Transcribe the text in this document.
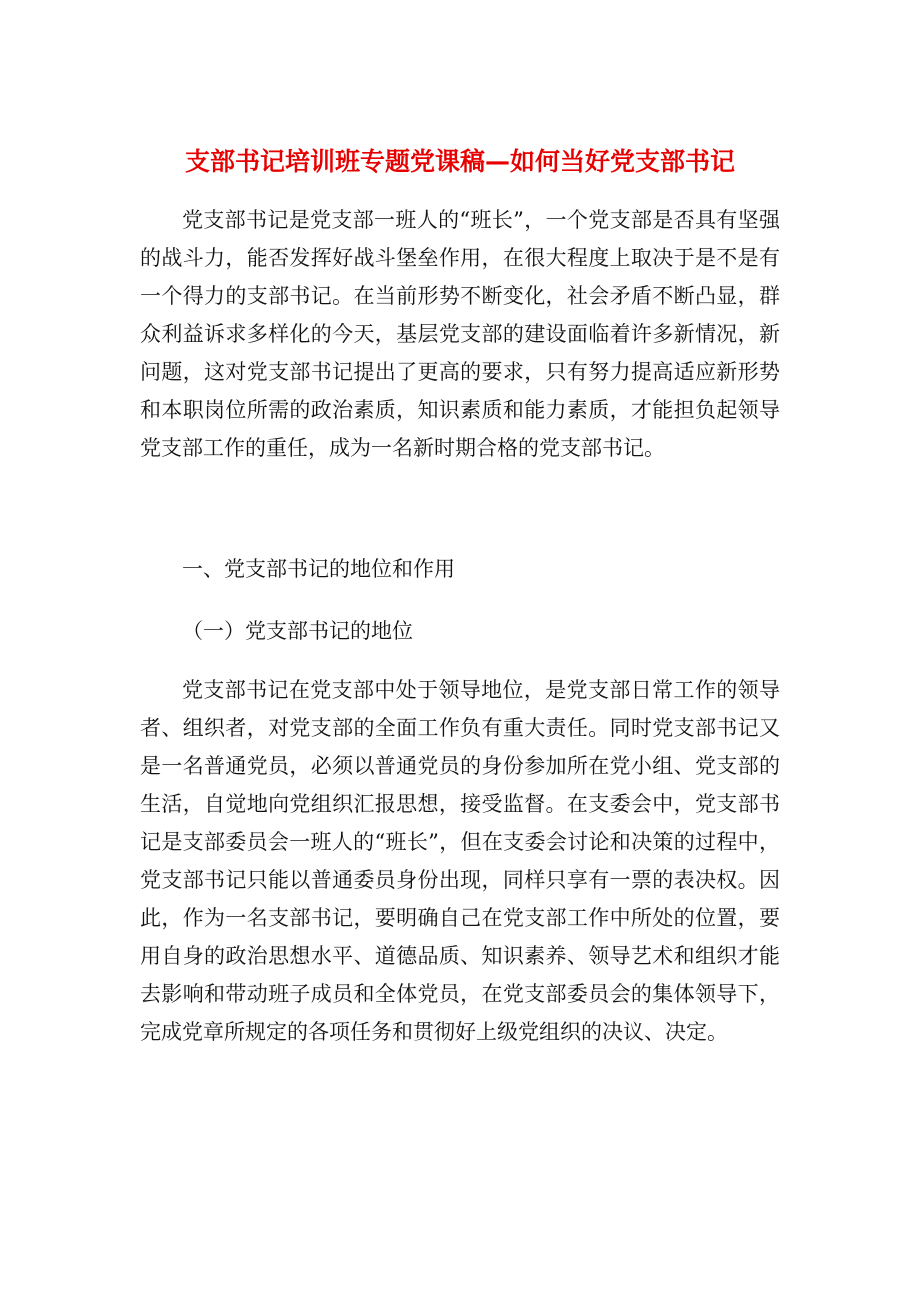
支部书记培训班专题党课稿—如何当好党支部书记

党支部书记是党支部一班人的“班长”，一个党支部是否具有坚强的战斗力，能否发挥好战斗堡垒作用，在很大程度上取决于是不是有一个得力的支部书记。在当前形势不断变化，社会矛盾不断凸显，群众利益诉求多样化的今天，基层党支部的建设面临着许多新情况，新问题，这对党支部书记提出了更高的要求，只有努力提高适应新形势和本职岗位所需的政治素质，知识素质和能力素质，才能担负起领导党支部工作的重任，成为一名新时期合格的党支部书记。

一、党支部书记的地位和作用

（一）党支部书记的地位

党支部书记在党支部中处于领导地位，是党支部日常工作的领导者、组织者，对党支部的全面工作负有重大责任。同时党支部书记又是一名普通党员，必须以普通党员的身份参加所在党小组、党支部的生活，自觉地向党组织汇报思想，接受监督。在支委会中，党支部书记是支部委员会一班人的“班长”，但在支委会讨论和决策的过程中，党支部书记只能以普通委员身份出现，同样只享有一票的表决权。因此，作为一名支部书记，要明确自己在党支部工作中所处的位置，要用自身的政治思想水平、道德品质、知识素养、领导艺术和组织才能去影响和带动班子成员和全体党员，在党支部委员会的集体领导下，完成党章所规定的各项任务和贯彻好上级党组织的决议、决定。
